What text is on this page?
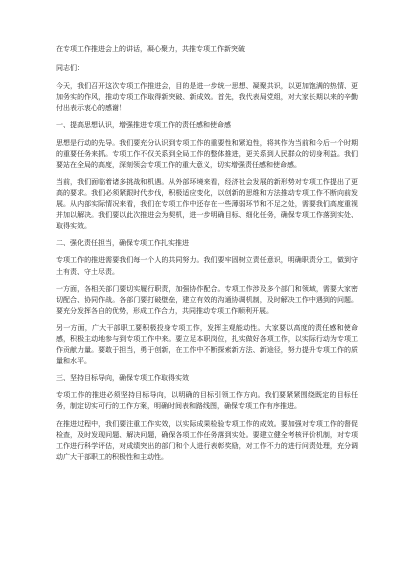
在专项工作推进会上的讲话，凝心聚力，共推专项工作新突破
同志们：
今天，我们召开这次专项工作推进会，目的是进一步统一思想、凝聚共识，以更加饱满的热情、更加务实的作风，推动专项工作取得新突破、新成效。首先，我代表局党组，对大家长期以来的辛勤付出表示衷心的感谢！
一、提高思想认识，增强推进专项工作的责任感和使命感
思想是行动的先导。我们要充分认识到专项工作的重要性和紧迫性，将其作为当前和今后一个时期的重要任务来抓。专项工作不仅关系到全局工作的整体推进，更关系到人民群众的切身利益。我们要站在全局的高度，深刻领会专项工作的重大意义，切实增强责任感和使命感。
当前，我们面临着诸多挑战和机遇。从外部环境来看，经济社会发展的新形势对专项工作提出了更高的要求。我们必须紧跟时代步伐，积极适应变化，以创新的思维和方法推动专项工作不断向前发展。从内部实际情况来看，我们在专项工作中还存在一些薄弱环节和不足之处，需要我们高度重视并加以解决。我们要以此次推进会为契机，进一步明确目标、细化任务，确保专项工作落到实处、取得实效。
二、强化责任担当，确保专项工作扎实推进
专项工作的推进需要我们每一个人的共同努力。我们要牢固树立责任意识，明确职责分工，做到守土有责、守土尽责。
一方面，各相关部门要切实履行职责，加强协作配合。专项工作涉及多个部门和领域，需要大家密切配合、协同作战。各部门要打破壁垒，建立有效的沟通协调机制，及时解决工作中遇到的问题。要充分发挥各自的优势，形成工作合力，共同推动专项工作顺利开展。
另一方面，广大干部职工要积极投身专项工作，发挥主观能动性。大家要以高度的责任感和使命感，积极主动地参与到专项工作中来。要立足本职岗位，扎实做好各项工作，以实际行动为专项工作贡献力量。要敢于担当，勇于创新，在工作中不断探索新方法、新途径，努力提升专项工作的质量和水平。
三、坚持目标导向，确保专项工作取得实效
专项工作的推进必须坚持目标导向，以明确的目标引领工作方向。我们要紧紧围绕既定的目标任务，制定切实可行的工作方案，明确时间表和路线图，确保专项工作有序推进。
在推进过程中，我们要注重工作实效，以实际成果检验专项工作的成效。要加强对专项工作的督促检查，及时发现问题、解决问题，确保各项工作任务落到实处。要建立健全考核评价机制，对专项工作进行科学评估，对成绩突出的部门和个人进行表彰奖励，对工作不力的进行问责处理，充分调动广大干部职工的积极性和主动性。
